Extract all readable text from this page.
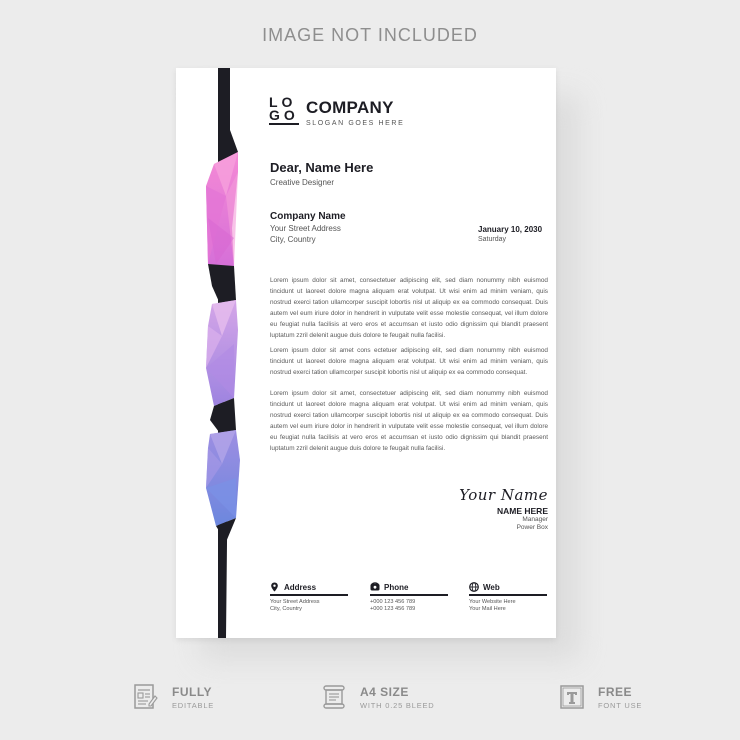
IMAGE NOT INCLUDED
LO
GO COMPANY
SLOGAN GOES HERE
Dear, Name Here
Creative Designer
Company Name
Your Street Address
City, Country
January 10, 2030
Saturday
Lorem ipsum dolor sit amet, consectetuer adipiscing elit, sed diam nonummy nibh euismod tincidunt ut laoreet dolore magna aliquam erat volutpat. Ut wisi enim ad minim veniam, quis nostrud exerci tation ullamcorper suscipit lobortis nisl ut aliquip ex ea commodo consequat. Duis autem vel eum iriure dolor in hendrerit in vulputate velit esse molestie consequat, vel illum dolore eu feugiat nulla facilisis at vero eros et accumsan et iusto odio dignissim qui blandit praesent luptatum zzril delenit augue duis dolore te feugait nulla facilisi.
Lorem ipsum dolor sit amet cons ectetuer adipiscing elit, sed diam nonummy nibh euismod tincidunt ut laoreet dolore magna aliquam erat volutpat. Ut wisi enim ad minim veniam, quis nostrud exerci tation ullamcorper suscipit lobortis nisl ut aliquip ex ea commodo consequat.
Lorem ipsum dolor sit amet, consectetuer adipiscing elit, sed diam nonummy nibh euismod tincidunt ut laoreet dolore magna aliquam erat volutpat. Ut wisi enim ad minim veniam, quis nostrud exerci tation ullamcorper suscipit lobortis nisl ut aliquip ex ea commodo consequat. Duis autem vel eum iriure dolor in hendrerit in vulputate velit esse molestie consequat, vel illum dolore eu feugiat nulla facilisis at vero eros et accumsan et iusto odio dignissim qui blandit praesent luptatum zzril delenit augue duis dolore te feugait nulla facilisi.
Your Name
NAME HERE
Manager
Power Box
Address
Your Street Address
City, Country
Phone
+000 123 456 789
+000 123 456 789
Web
Your Website Here
Your Mail Here
FULLY
EDITABLE
A4 SIZE
WITH 0.25 BLEED
FREE
FONT USE
